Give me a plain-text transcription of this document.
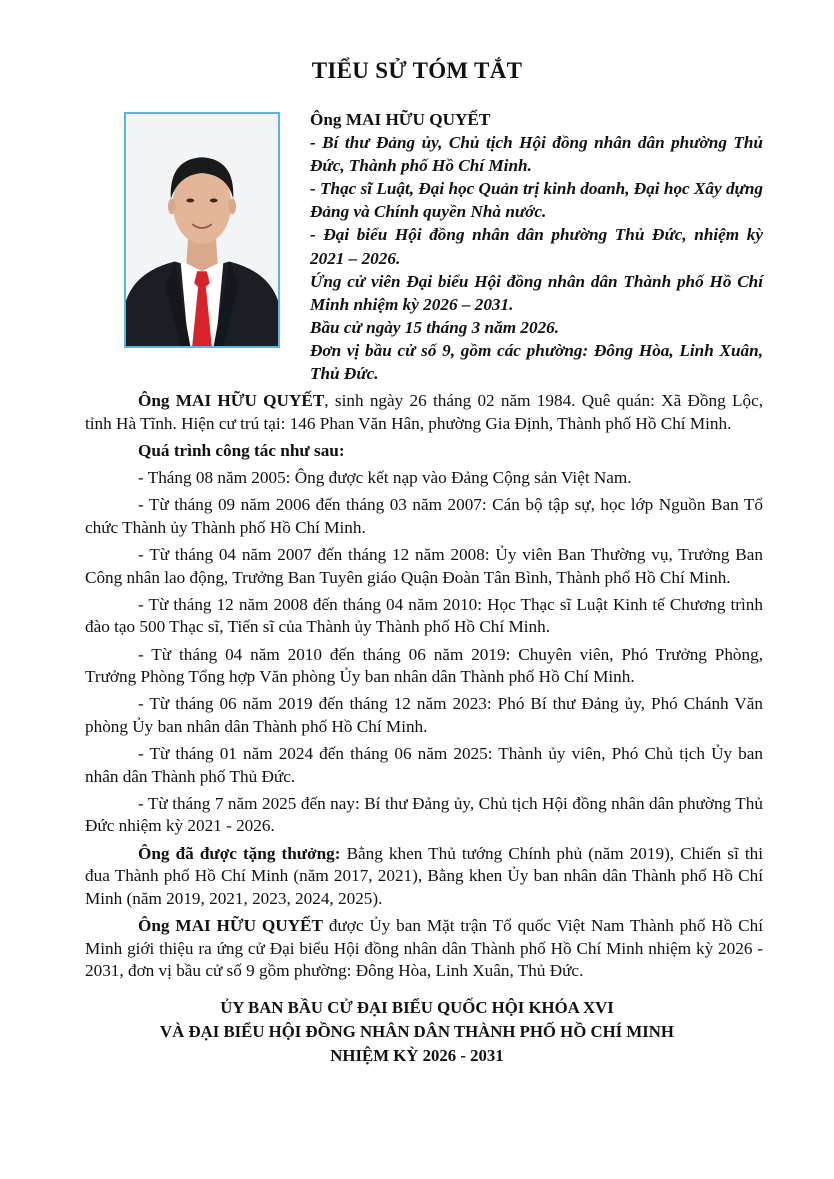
TIỂU SỬ TÓM TẮT

Ông MAI HỮU QUYẾT

- Bí thư Đảng ủy, Chủ tịch Hội đồng nhân dân phường Thủ Đức, Thành phố Hồ Chí Minh.

- Thạc sĩ Luật, Đại học Quản trị kinh doanh, Đại học Xây dựng Đảng và Chính quyền Nhà nước.

- Đại biểu Hội đồng nhân dân phường Thủ Đức, nhiệm kỳ 2021 – 2026.

Ứng cử viên Đại biểu Hội đồng nhân dân Thành phố Hồ Chí Minh nhiệm kỳ 2026 – 2031.

Bầu cử ngày 15 tháng 3 năm 2026.

Đơn vị bầu cử số 9, gồm các phường: Đông Hòa, Linh Xuân, Thủ Đức.

Ông MAI HỮU QUYẾT, sinh ngày 26 tháng 02 năm 1984. Quê quán: Xã Đồng Lộc, tỉnh Hà Tĩnh. Hiện cư trú tại: 146 Phan Văn Hân, phường Gia Định, Thành phố Hồ Chí Minh.

Quá trình công tác như sau:

- Tháng 08 năm 2005: Ông được kết nạp vào Đảng Cộng sản Việt Nam.

- Từ tháng 09 năm 2006 đến tháng 03 năm 2007: Cán bộ tập sự, học lớp Nguồn Ban Tổ chức Thành ủy Thành phố Hồ Chí Minh.

- Từ tháng 04 năm 2007 đến tháng 12 năm 2008: Ủy viên Ban Thường vụ, Trưởng Ban Công nhân lao động, Trưởng Ban Tuyên giáo Quận Đoàn Tân Bình, Thành phố Hồ Chí Minh.

- Từ tháng 12 năm 2008 đến tháng 04 năm 2010: Học Thạc sĩ Luật Kinh tế Chương trình đào tạo 500 Thạc sĩ, Tiến sĩ của Thành ủy Thành phố Hồ Chí Minh.

- Từ tháng 04 năm 2010 đến tháng 06 năm 2019: Chuyên viên, Phó Trưởng Phòng, Trưởng Phòng Tổng hợp Văn phòng Ủy ban nhân dân Thành phố Hồ Chí Minh.

- Từ tháng 06 năm 2019 đến tháng 12 năm 2023: Phó Bí thư Đảng ủy, Phó Chánh Văn phòng Ủy ban nhân dân Thành phố Hồ Chí Minh.

- Từ tháng 01 năm 2024 đến tháng 06 năm 2025: Thành ủy viên, Phó Chủ tịch Ủy ban nhân dân Thành phố Thủ Đức.

- Từ tháng 7 năm 2025 đến nay: Bí thư Đảng ủy, Chủ tịch Hội đồng nhân dân phường Thủ Đức nhiệm kỳ 2021 - 2026.

Ông đã được tặng thưởng: Bằng khen Thủ tướng Chính phủ (năm 2019), Chiến sĩ thi đua Thành phố Hồ Chí Minh (năm 2017, 2021), Bằng khen Ủy ban nhân dân Thành phố Hồ Chí Minh (năm 2019, 2021, 2023, 2024, 2025).

Ông MAI HỮU QUYẾT được Ủy ban Mặt trận Tổ quốc Việt Nam Thành phố Hồ Chí Minh giới thiệu ra ứng cử Đại biểu Hội đồng nhân dân Thành phố Hồ Chí Minh nhiệm kỳ 2026 - 2031, đơn vị bầu cử số 9 gồm phường: Đông Hòa, Linh Xuân, Thủ Đức.

ỦY BAN BẦU CỬ ĐẠI BIỂU QUỐC HỘI KHÓA XVI
VÀ ĐẠI BIỂU HỘI ĐỒNG NHÂN DÂN THÀNH PHỐ HỒ CHÍ MINH
NHIỆM KỲ 2026 - 2031
